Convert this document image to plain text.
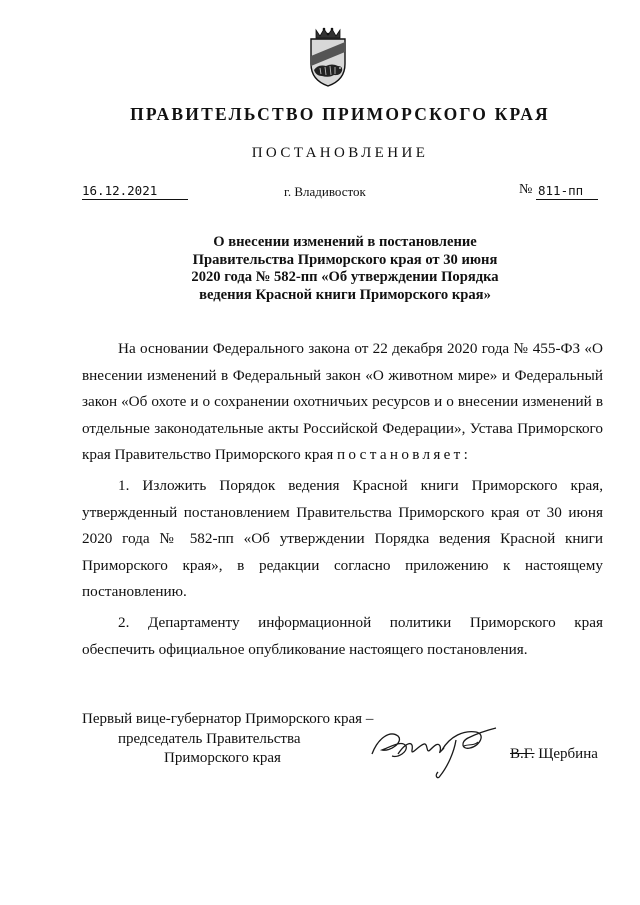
ПРАВИТЕЛЬСТВО ПРИМОРСКОГО КРАЯ
ПОСТАНОВЛЕНИЕ
16.12.2021	г. Владивосток	№ 811-пп
О внесении изменений в постановление
Правительства Приморского края от 30 июня
2020 года № 582-пп «Об утверждении Порядка
ведения Красной книги Приморского края»

На основании Федерального закона от 22 декабря 2020 года № 455-ФЗ «О внесении изменений в Федеральный закон «О животном мире» и Федеральный закон «Об охоте и о сохранении охотничьих ресурсов и о внесении изменений в отдельные законодательные акты Российской Федерации», Устава Приморского края Правительство Приморского края постановляет:

1. Изложить Порядок ведения Красной книги Приморского края, утвержденный постановлением Правительства Приморского края от 30 июня 2020 года № 582-пп «Об утверждении Порядка ведения Красной книги Приморского края», в редакции согласно приложению к настоящему постановлению.

2. Департаменту информационной политики Приморского края обеспечить официальное опубликование настоящего постановления.

Первый вице-губернатор Приморского края –
председатель Правительства
Приморского края	В.Г. Щербина
